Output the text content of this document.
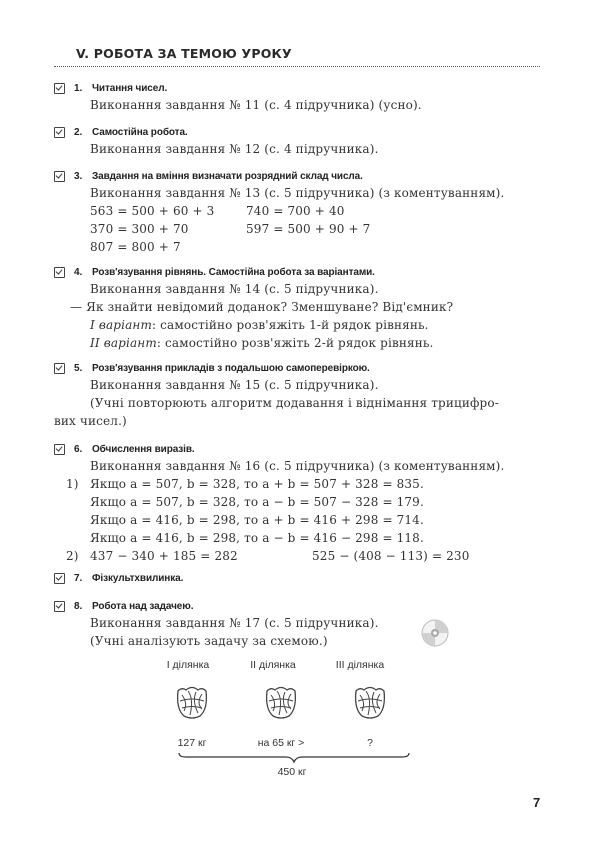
V. РОБОТА ЗА ТЕМОЮ УРОКУ
1. Читання чисел.
Виконання завдання № 11 (с. 4 підручника) (усно).
2. Самостійна робота.
Виконання завдання № 12 (с. 4 підручника).
3. Завдання на вміння визначати розрядний склад числа.
Виконання завдання № 13 (с. 5 підручника) (з коментуванням).
563 = 500 + 60 + 3	740 = 700 + 40
370 = 300 + 70	597 = 500 + 90 + 7
807 = 800 + 7
4. Розв'язування рівнянь. Самостійна робота за варіантами.
Виконання завдання № 14 (с. 5 підручника).
— Як знайти невідомий доданок? Зменшуване? Від'ємник?
І варіант: самостійно розв'яжіть 1-й рядок рівнянь.
ІІ варіант: самостійно розв'яжіть 2-й рядок рівнянь.
5. Розв'язування прикладів з подальшою самоперевіркою.
Виконання завдання № 15 (с. 5 підручника).
(Учні повторюють алгоритм додавання і віднімання трицифро-
вих чисел.)
6. Обчислення виразів.
Виконання завдання № 16 (с. 5 підручника) (з коментуванням).
1) Якщо a = 507, b = 328, то a + b = 507 + 328 = 835.
Якщо a = 507, b = 328, то a − b = 507 − 328 = 179.
Якщо a = 416, b = 298, то a + b = 416 + 298 = 714.
Якщо a = 416, b = 298, то a − b = 416 − 298 = 118.
2) 437 − 340 + 185 = 282	525 − (408 − 113) = 230
7. Фізкультхвилинка.
8. Робота над задачею.
Виконання завдання № 17 (с. 5 підручника).
(Учні аналізують задачу за схемою.)
І ділянка	ІІ ділянка	ІІІ ділянка
127 кг	на 65 кг >	?
450 кг
7
